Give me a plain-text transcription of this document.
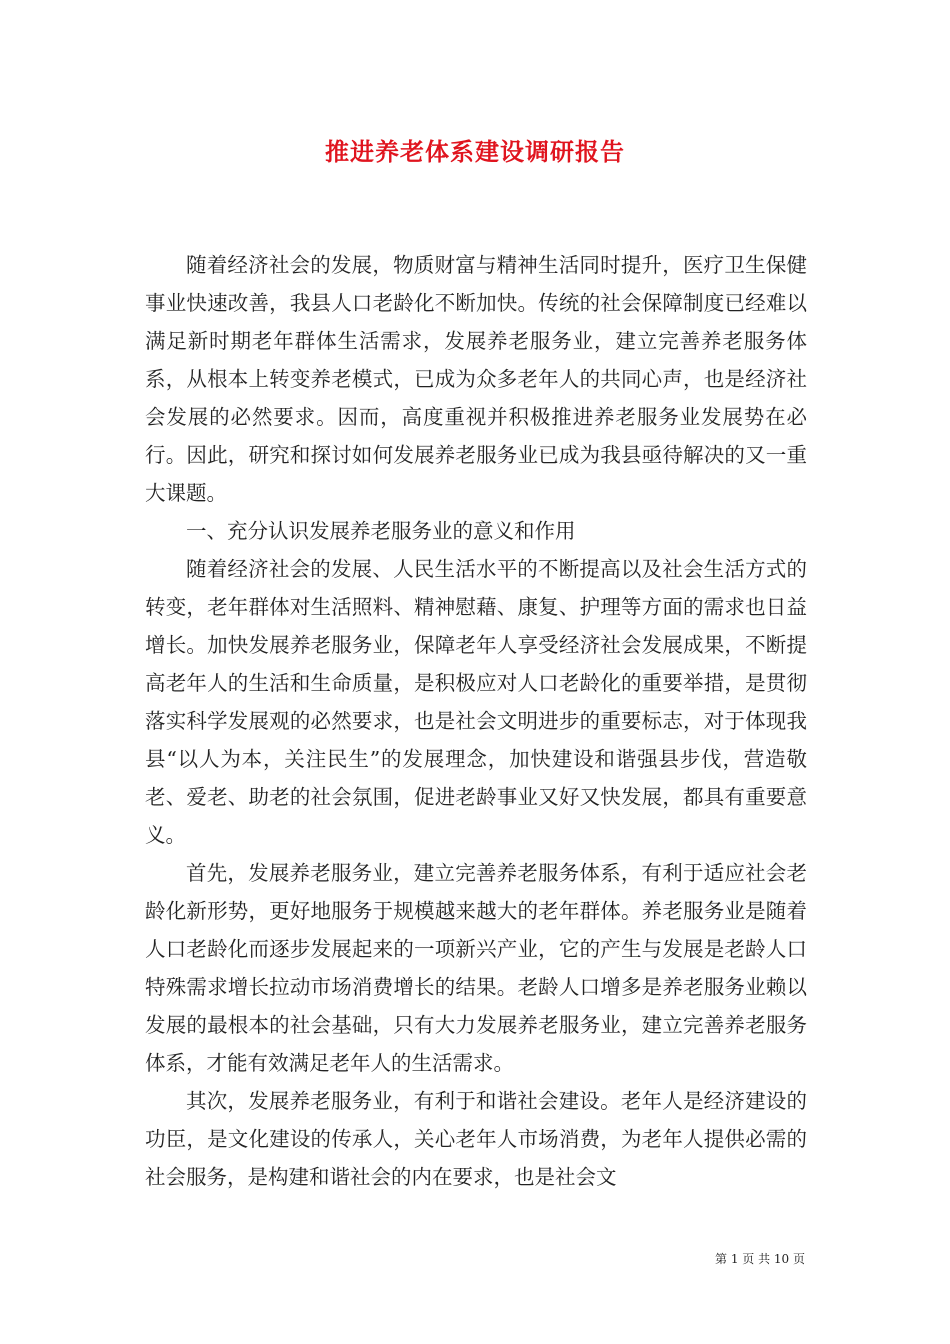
推进养老体系建设调研报告

随着经济社会的发展，物质财富与精神生活同时提升，医疗卫生保健事业快速改善，我县人口老龄化不断加快。传统的社会保障制度已经难以满足新时期老年群体生活需求，发展养老服务业，建立完善养老服务体系，从根本上转变养老模式，已成为众多老年人的共同心声，也是经济社会发展的必然要求。因而，高度重视并积极推进养老服务业发展势在必行。因此，研究和探讨如何发展养老服务业已成为我县亟待解决的又一重大课题。

一、充分认识发展养老服务业的意义和作用

随着经济社会的发展、人民生活水平的不断提高以及社会生活方式的转变，老年群体对生活照料、精神慰藉、康复、护理等方面的需求也日益增长。加快发展养老服务业，保障老年人享受经济社会发展成果，不断提高老年人的生活和生命质量，是积极应对人口老龄化的重要举措，是贯彻落实科学发展观的必然要求，也是社会文明进步的重要标志，对于体现我县“以人为本，关注民生”的发展理念，加快建设和谐强县步伐，营造敬老、爱老、助老的社会氛围，促进老龄事业又好又快发展，都具有重要意义。

首先，发展养老服务业，建立完善养老服务体系，有利于适应社会老龄化新形势，更好地服务于规模越来越大的老年群体。养老服务业是随着人口老龄化而逐步发展起来的一项新兴产业，它的产生与发展是老龄人口特殊需求增长拉动市场消费增长的结果。老龄人口增多是养老服务业赖以发展的最根本的社会基础，只有大力发展养老服务业，建立完善养老服务体系，才能有效满足老年人的生活需求。

其次，发展养老服务业，有利于和谐社会建设。老年人是经济建设的功臣，是文化建设的传承人，关心老年人市场消费，为老年人提供必需的社会服务，是构建和谐社会的内在要求，也是社会文

第 1 页 共 10 页
